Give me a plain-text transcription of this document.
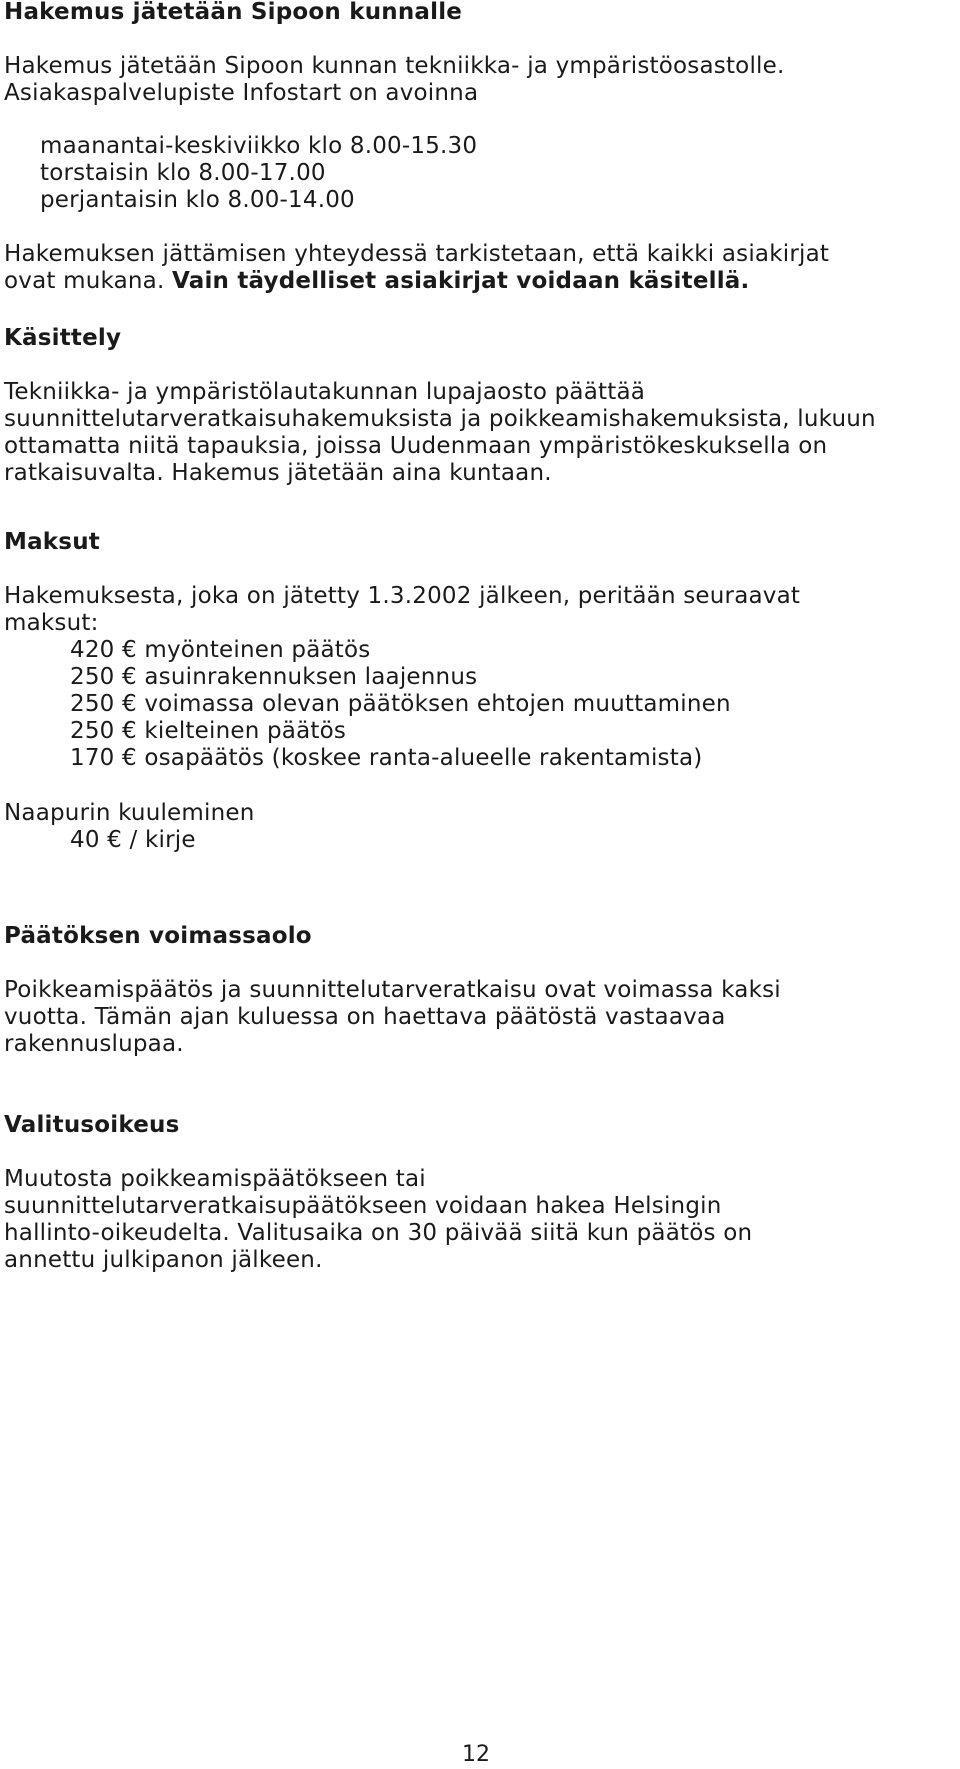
Hakemus jätetään Sipoon kunnalle
Hakemus jätetään Sipoon kunnan tekniikka- ja ympäristöosastolle.
Asiakaspalvelupiste Infostart on avoinna
maanantai-keskiviikko klo 8.00-15.30
torstaisin klo 8.00-17.00
perjantaisin klo 8.00-14.00
Hakemuksen jättämisen yhteydessä tarkistetaan, että kaikki asiakirjat
ovat mukana. Vain täydelliset asiakirjat voidaan käsitellä.
Käsittely
Tekniikka- ja ympäristölautakunnan lupajaosto päättää
suunnittelutarveratkaisuhakemuksista ja poikkeamishakemuksista, lukuun
ottamatta niitä tapauksia, joissa Uudenmaan ympäristökeskuksella on
ratkaisuvalta. Hakemus jätetään aina kuntaan.
Maksut
Hakemuksesta, joka on jätetty 1.3.2002 jälkeen, peritään seuraavat
maksut:
420 € myönteinen päätös
250 € asuinrakennuksen laajennus
250 € voimassa olevan päätöksen ehtojen muuttaminen
250 € kielteinen päätös
170 € osapäätös (koskee ranta-alueelle rakentamista)
Naapurin kuuleminen
40 € / kirje
Päätöksen voimassaolo
Poikkeamispäätös ja suunnittelutarveratkaisu ovat voimassa kaksi
vuotta. Tämän ajan kuluessa on haettava päätöstä vastaavaa
rakennuslupaa.
Valitusoikeus
Muutosta poikkeamispäätökseen tai
suunnittelutarveratkaisupäätökseen voidaan hakea Helsingin
hallinto-oikeudelta. Valitusaika on 30 päivää siitä kun päätös on
annettu julkipanon jälkeen.
12
